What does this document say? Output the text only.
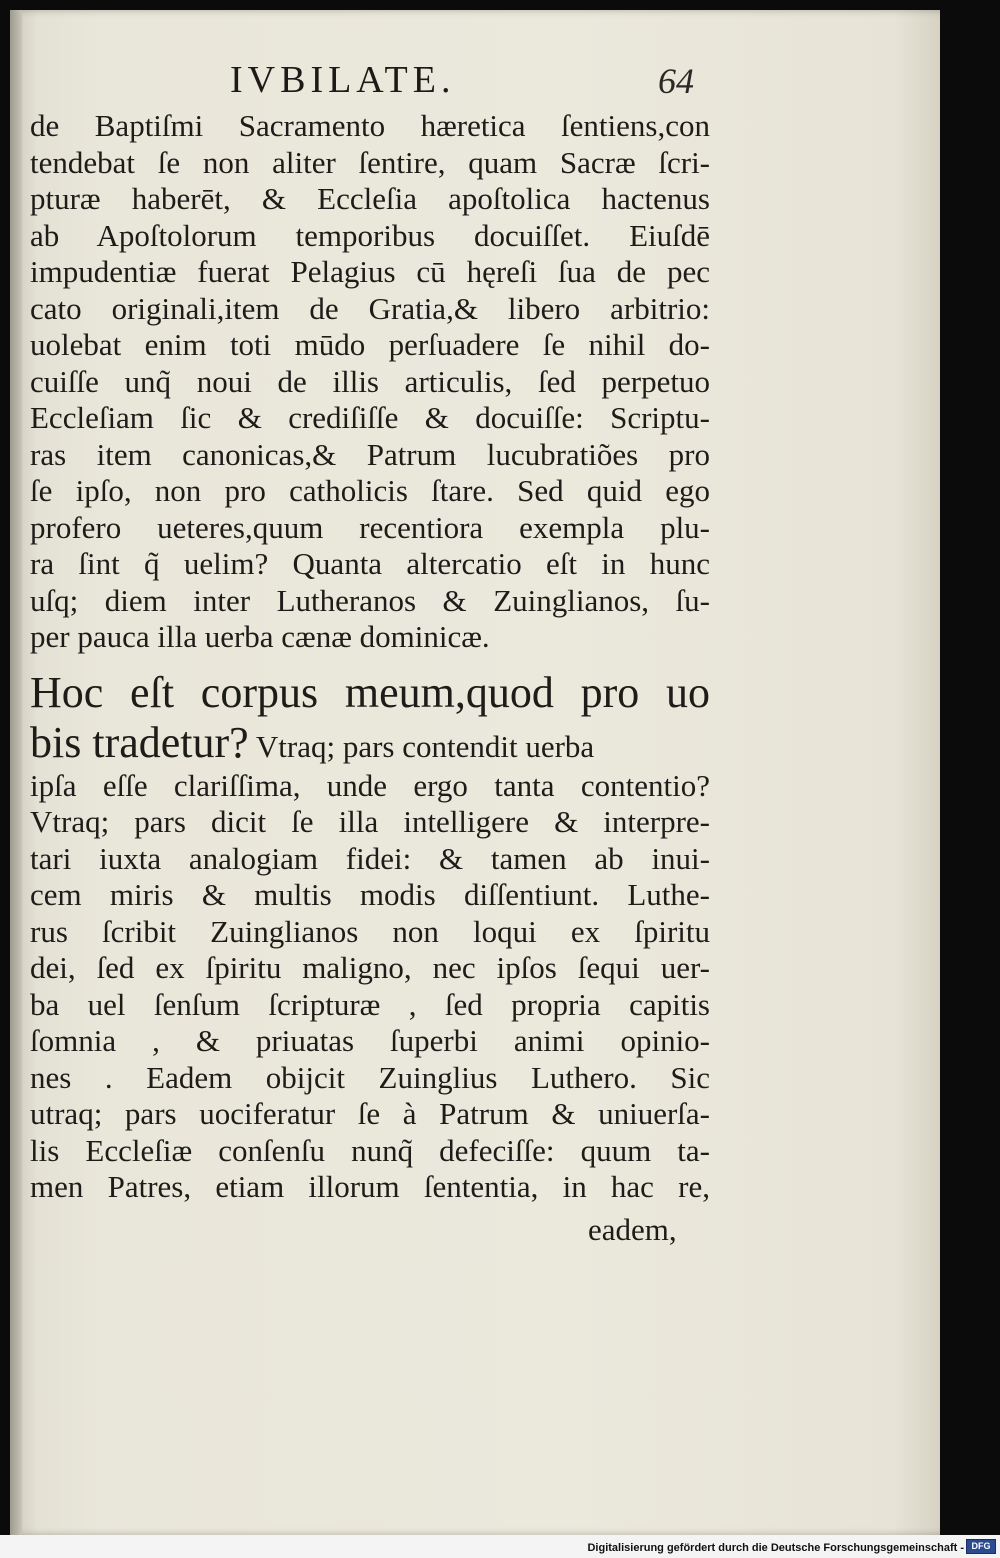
IVBILATE.	64
de Baptiſmi Sacramento hæretica ſentiens,con
tendebat ſe non aliter ſentire, quam Sacræ ſcri-
pturæ haberēt, & Eccleſia apoſtolica hactenus
ab Apoſtolorum temporibus docuiſſet. Eiuſdē
impudentiæ fuerat Pelagius cū hęreſi ſua de pec
cato originali,item de Gratia,& libero arbitrio:
uolebat enim toti mūdo perſuadere ſe nihil do-
cuiſſe unq̃ noui de illis articulis, ſed perpetuo
Eccleſiam ſic & crediſiſſe & docuiſſe: Scriptu-
ras item canonicas,& Patrum lucubratiões pro
ſe ipſo, non pro catholicis ſtare. Sed quid ego
profero ueteres,quum recentiora exempla plu-
ra ſint q̃ uelim? Quanta altercatio eſt in hunc
uſq; diem inter Lutheranos & Zuinglianos, ſu-
per pauca illa uerba cænæ dominicæ.
Hoc eſt corpus meum,quod pro uo
bis tradetur? Vtraq; pars contendit uerba
ipſa eſſe clariſſima, unde ergo tanta contentio?
Vtraq; pars dicit ſe illa intelligere & interpre-
tari iuxta analogiam fidei: & tamen ab inui-
cem miris & multis modis diſſentiunt. Luthe-
rus ſcribit Zuinglianos non loqui ex ſpiritu
dei, ſed ex ſpiritu maligno, nec ipſos ſequi uer-
ba uel ſenſum ſcripturæ , ſed propria capitis
ſomnia , & priuatas ſuperbi animi opinio-
nes . Eadem obijcit Zuinglius Luthero. Sic
utraq; pars uociferatur ſe à Patrum & uniuerſa-
lis Eccleſiæ conſenſu nunq̃ defeciſſe: quum ta-
men Patres, etiam illorum ſententia, in hac re,
eadem,
Digitalisierung gefördert durch die Deutsche Forschungsgemeinschaft - DFG
